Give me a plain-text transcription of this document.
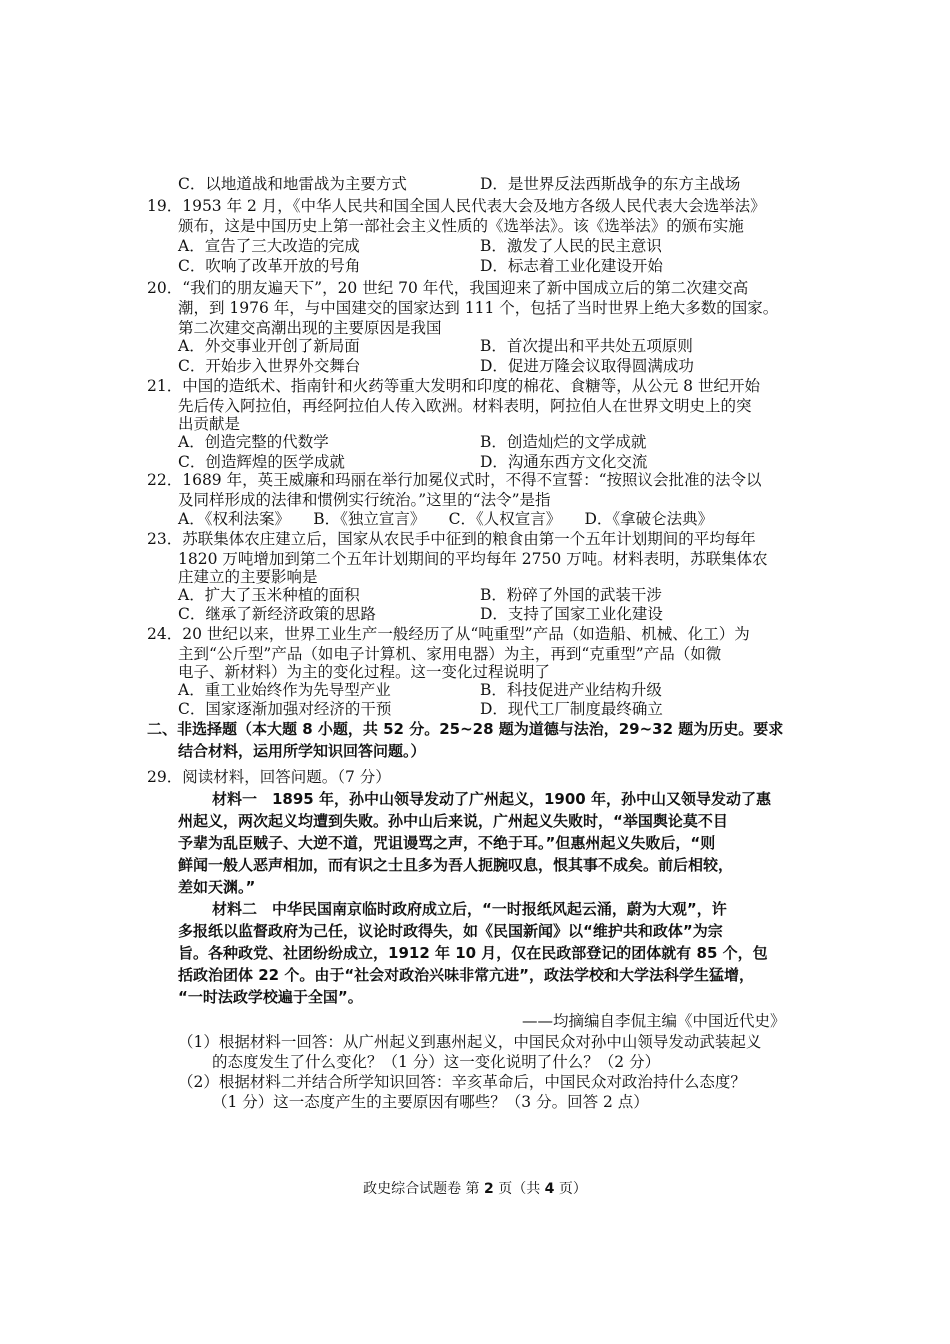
C．以地道战和地雷战为主要方式	D．是世界反法西斯战争的东方主战场
19．1953 年 2 月，《中华人民共和国全国人民代表大会及地方各级人民代表大会选举法》
颁布，这是中国历史上第一部社会主义性质的《选举法》。该《选举法》的颁布实施
A．宣告了三大改造的完成	B．激发了人民的民主意识
C．吹响了改革开放的号角	D．标志着工业化建设开始
20．“我们的朋友遍天下”，20 世纪 70 年代，我国迎来了新中国成立后的第二次建交高
潮，到 1976 年，与中国建交的国家达到 111 个，包括了当时世界上绝大多数的国家。
第二次建交高潮出现的主要原因是我国
A．外交事业开创了新局面	B．首次提出和平共处五项原则
C．开始步入世界外交舞台	D．促进万隆会议取得圆满成功
21．中国的造纸术、指南针和火药等重大发明和印度的棉花、食糖等，从公元 8 世纪开始
先后传入阿拉伯，再经阿拉伯人传入欧洲。材料表明，阿拉伯人在世界文明史上的突
出贡献是
A．创造完整的代数学	B．创造灿烂的文学成就
C．创造辉煌的医学成就	D．沟通东西方文化交流
22．1689 年，英王威廉和玛丽在举行加冕仪式时，不得不宣誓：“按照议会批准的法令以
及同样形成的法律和惯例实行统治。”这里的“法令”是指
A．《权利法案》　　B．《独立宣言》　　C．《人权宣言》　　D．《拿破仑法典》
23．苏联集体农庄建立后，国家从农民手中征到的粮食由第一个五年计划期间的平均每年
1820 万吨增加到第二个五年计划期间的平均每年 2750 万吨。材料表明，苏联集体农
庄建立的主要影响是
A．扩大了玉米种植的面积	B．粉碎了外国的武装干涉
C．继承了新经济政策的思路	D．支持了国家工业化建设
24．20 世纪以来，世界工业生产一般经历了从“吨重型”产品（如造船、机械、化工）为
主到“公斤型”产品（如电子计算机、家用电器）为主，再到“克重型”产品（如微
电子、新材料）为主的变化过程。这一变化过程说明了
A．重工业始终作为先导型产业	B．科技促进产业结构升级
C．国家逐渐加强对经济的干预	D．现代工厂制度最终确立
二、非选择题（本大题 8 小题，共 52 分。25~28 题为道德与法治，29~32 题为历史。要求
结合材料，运用所学知识回答问题。）
29．阅读材料，回答问题。（7 分）
材料一　1895 年，孙中山领导发动了广州起义，1900 年，孙中山又领导发动了惠
州起义，两次起义均遭到失败。孙中山后来说，广州起义失败时，“举国舆论莫不目
予辈为乱臣贼子、大逆不道，咒诅谩骂之声，不绝于耳。”但惠州起义失败后，“则
鲜闻一般人恶声相加，而有识之士且多为吾人扼腕叹息，恨其事不成矣。前后相较，
差如天渊。”
材料二　中华民国南京临时政府成立后，“一时报纸风起云涌，蔚为大观”，许
多报纸以监督政府为己任，议论时政得失，如《民国新闻》以“维护共和政体”为宗
旨。各种政党、社团纷纷成立，1912 年 10 月，仅在民政部登记的团体就有 85 个，包
括政治团体 22 个。由于“社会对政治兴味非常亢进”，政法学校和大学法科学生猛增，
“一时法政学校遍于全国”。
——均摘编自李侃主编《中国近代史》
（1）根据材料一回答：从广州起义到惠州起义，中国民众对孙中山领导发动武装起义
的态度发生了什么变化？（1 分）这一变化说明了什么？（2 分）
（2）根据材料二并结合所学知识回答：辛亥革命后，中国民众对政治持什么态度？
（1 分）这一态度产生的主要原因有哪些？（3 分。回答 2 点）
政史综合试题卷 第 2 页（共 4 页）
